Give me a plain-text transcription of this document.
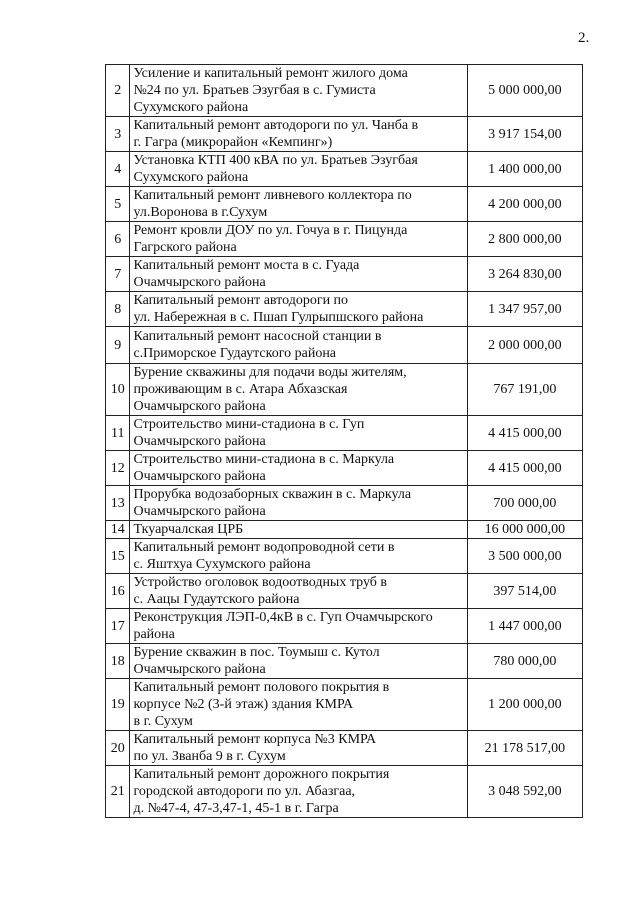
2.
2	Усиление и капитальный ремонт жилого дома
№24 по ул. Братьев Эзугбая в с. Гумиста
Сухумского района	5 000 000,00
3	Капитальный ремонт автодороги по ул. Чанба в
г. Гагра (микрорайон «Кемпинг»)	3 917 154,00
4	Установка КТП 400 кВА по ул. Братьев Эзугбая
Сухумского района	1 400 000,00
5	Капитальный ремонт ливневого коллектора по
ул.Воронова в г.Сухум	4 200 000,00
6	Ремонт кровли ДОУ по ул. Гочуа в г. Пицунда
Гагрского района	2 800 000,00
7	Капитальный ремонт моста в с. Гуада
Очамчырского района	3 264 830,00
8	Капитальный ремонт автодороги по
ул. Набережная в с. Пшап Гулрыпшского района	1 347 957,00
9	Капитальный ремонт насосной станции в
с.Приморское Гудаутского района	2 000 000,00
10	Бурение скважины для подачи воды жителям,
проживающим в с. Атара Абхазская
Очамчырского района	767 191,00
11	Строительство мини-стадиона в с. Гуп
Очамчырского района	4 415 000,00
12	Строительство мини-стадиона в с. Маркула
Очамчырского района	4 415 000,00
13	Прорубка водозаборных скважин в с. Маркула
Очамчырского района	700 000,00
14	Ткуарчалская ЦРБ	16 000 000,00
15	Капитальный ремонт водопроводной сети в
с. Яштхуа Сухумского района	3 500 000,00
16	Устройство оголовок водоотводных труб в
с. Аацы Гудаутского района	397 514,00
17	Реконструкция ЛЭП-0,4кВ в с. Гуп Очамчырского
района	1 447 000,00
18	Бурение скважин в пос. Тоумыш с. Кутол
Очамчырского района	780 000,00
19	Капитальный ремонт полового покрытия в
корпусе №2 (3-й этаж) здания КМРА
в г. Сухум	1 200 000,00
20	Капитальный ремонт корпуса №3 КМРА
по ул. Званба 9 в г. Сухум	21 178 517,00
21	Капитальный ремонт дорожного покрытия
городской автодороги по ул. Абазгаа,
д. №47-4, 47-3,47-1, 45-1 в г. Гагра	3 048 592,00
